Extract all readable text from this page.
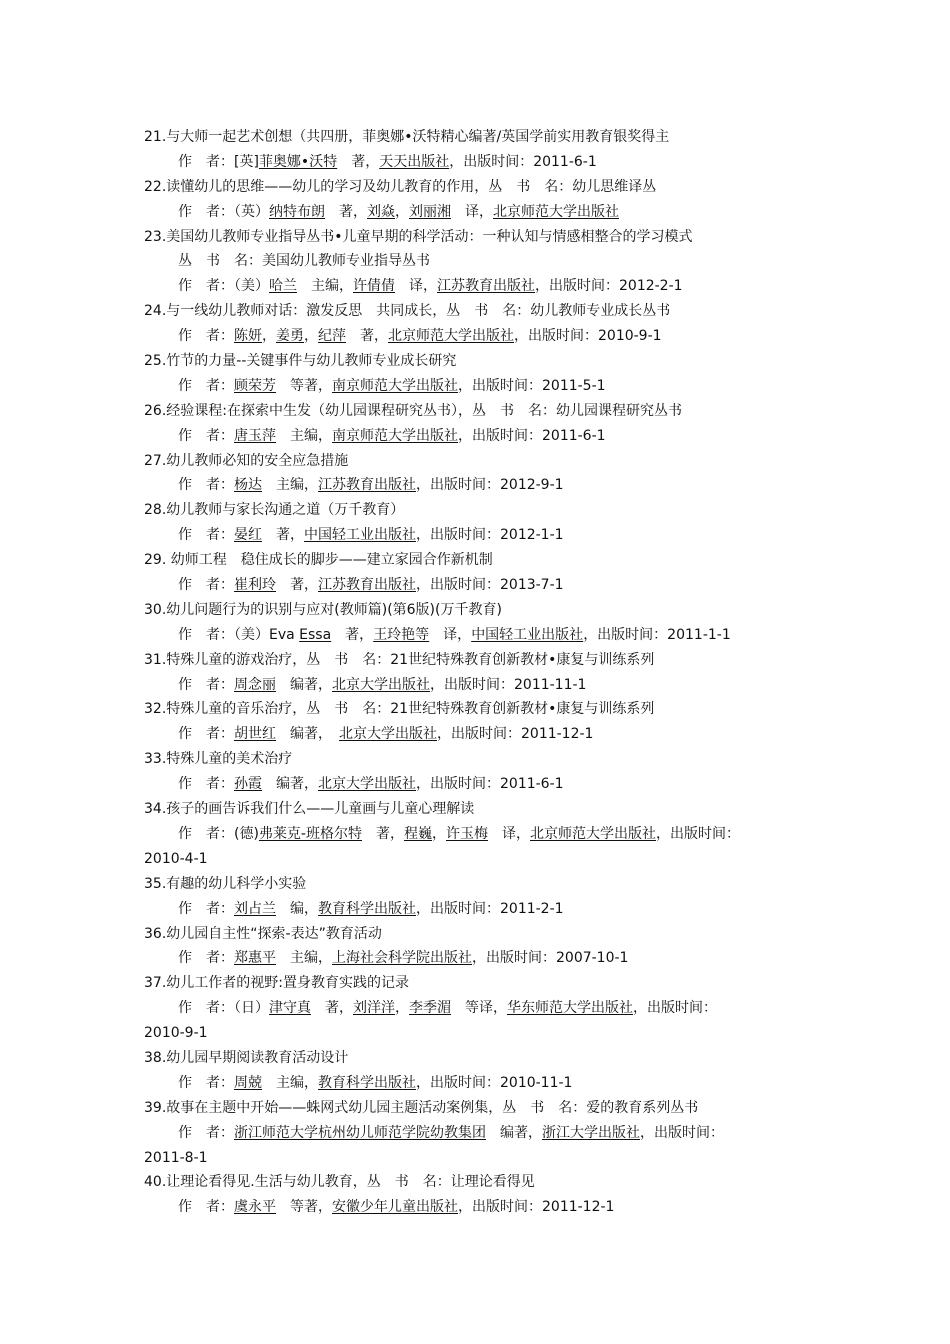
21.与大师一起艺术创想（共四册，菲奥娜•沃特精心编著/英国学前实用教育银奖得主
作　者：[英]菲奥娜•沃特　著，天天出版社，出版时间：2011-6-1
22.读懂幼儿的思维——幼儿的学习及幼儿教育的作用，丛　书　名：幼儿思维译丛
作　者：（英）纳特布朗　著，刘焱，刘丽湘　译，北京师范大学出版社
23.美国幼儿教师专业指导丛书•儿童早期的科学活动：一种认知与情感相整合的学习模式
丛　书　名：美国幼儿教师专业指导丛书
作　者：（美）哈兰　主编，许倩倩　译，江苏教育出版社，出版时间：2012-2-1
24.与一线幼儿教师对话：激发反思　共同成长，丛　书　名：幼儿教师专业成长丛书
作　者：陈妍，姜勇，纪萍　著，北京师范大学出版社，出版时间：2010-9-1
25.竹节的力量--关键事件与幼儿教师专业成长研究
作　者：顾荣芳　等著，南京师范大学出版社，出版时间：2011-5-1
26.经验课程:在探索中生发（幼儿园课程研究丛书），丛　书　名：幼儿园课程研究丛书
作　者：唐玉萍　主编，南京师范大学出版社，出版时间：2011-6-1
27.幼儿教师必知的安全应急措施
作　者：杨达　主编，江苏教育出版社，出版时间：2012-9-1
28.幼儿教师与家长沟通之道（万千教育）
作　者：晏红　著，中国轻工业出版社，出版时间：2012-1-1
29. 幼师工程　稳住成长的脚步——建立家园合作新机制
作　者：崔利玲　著，江苏教育出版社，出版时间：2013-7-1
30.幼儿问题行为的识别与应对(教师篇)(第6版)(万千教育)
作　者：（美）Eva Essa　著，王玲艳等　译，中国轻工业出版社，出版时间：2011-1-1
31.特殊儿童的游戏治疗，丛　书　名：21世纪特殊教育创新教材•康复与训练系列
作　者：周念丽　编著，北京大学出版社，出版时间：2011-11-1
32.特殊儿童的音乐治疗，丛　书　名：21世纪特殊教育创新教材•康复与训练系列
作　者：胡世红　编著，　北京大学出版社，出版时间：2011-12-1
33.特殊儿童的美术治疗
作　者：孙霞　编著，北京大学出版社，出版时间：2011-6-1
34.孩子的画告诉我们什么——儿童画与儿童心理解读
作　者：(德)弗莱克-班格尔特　著，程巍，许玉梅　译，北京师范大学出版社，出版时间：
2010-4-1
35.有趣的幼儿科学小实验
作　者：刘占兰　编，教育科学出版社，出版时间：2011-2-1
36.幼儿园自主性“探索-表达”教育活动
作　者：郑惠平　主编，上海社会科学院出版社，出版时间：2007-10-1
37.幼儿工作者的视野:置身教育实践的记录
作　者：（日）津守真　著，刘洋洋，李季湄　等译，华东师范大学出版社，出版时间：
2010-9-1
38.幼儿园早期阅读教育活动设计
作　者：周兢　主编，教育科学出版社，出版时间：2010-11-1
39.故事在主题中开始——蛛网式幼儿园主题活动案例集，丛　书　名：爱的教育系列丛书
作　者：浙江师范大学杭州幼儿师范学院幼教集团　编著，浙江大学出版社，出版时间：
2011-8-1
40.让理论看得见.生活与幼儿教育，丛　书　名：让理论看得见
作　者：虞永平　等著，安徽少年儿童出版社，出版时间：2011-12-1
